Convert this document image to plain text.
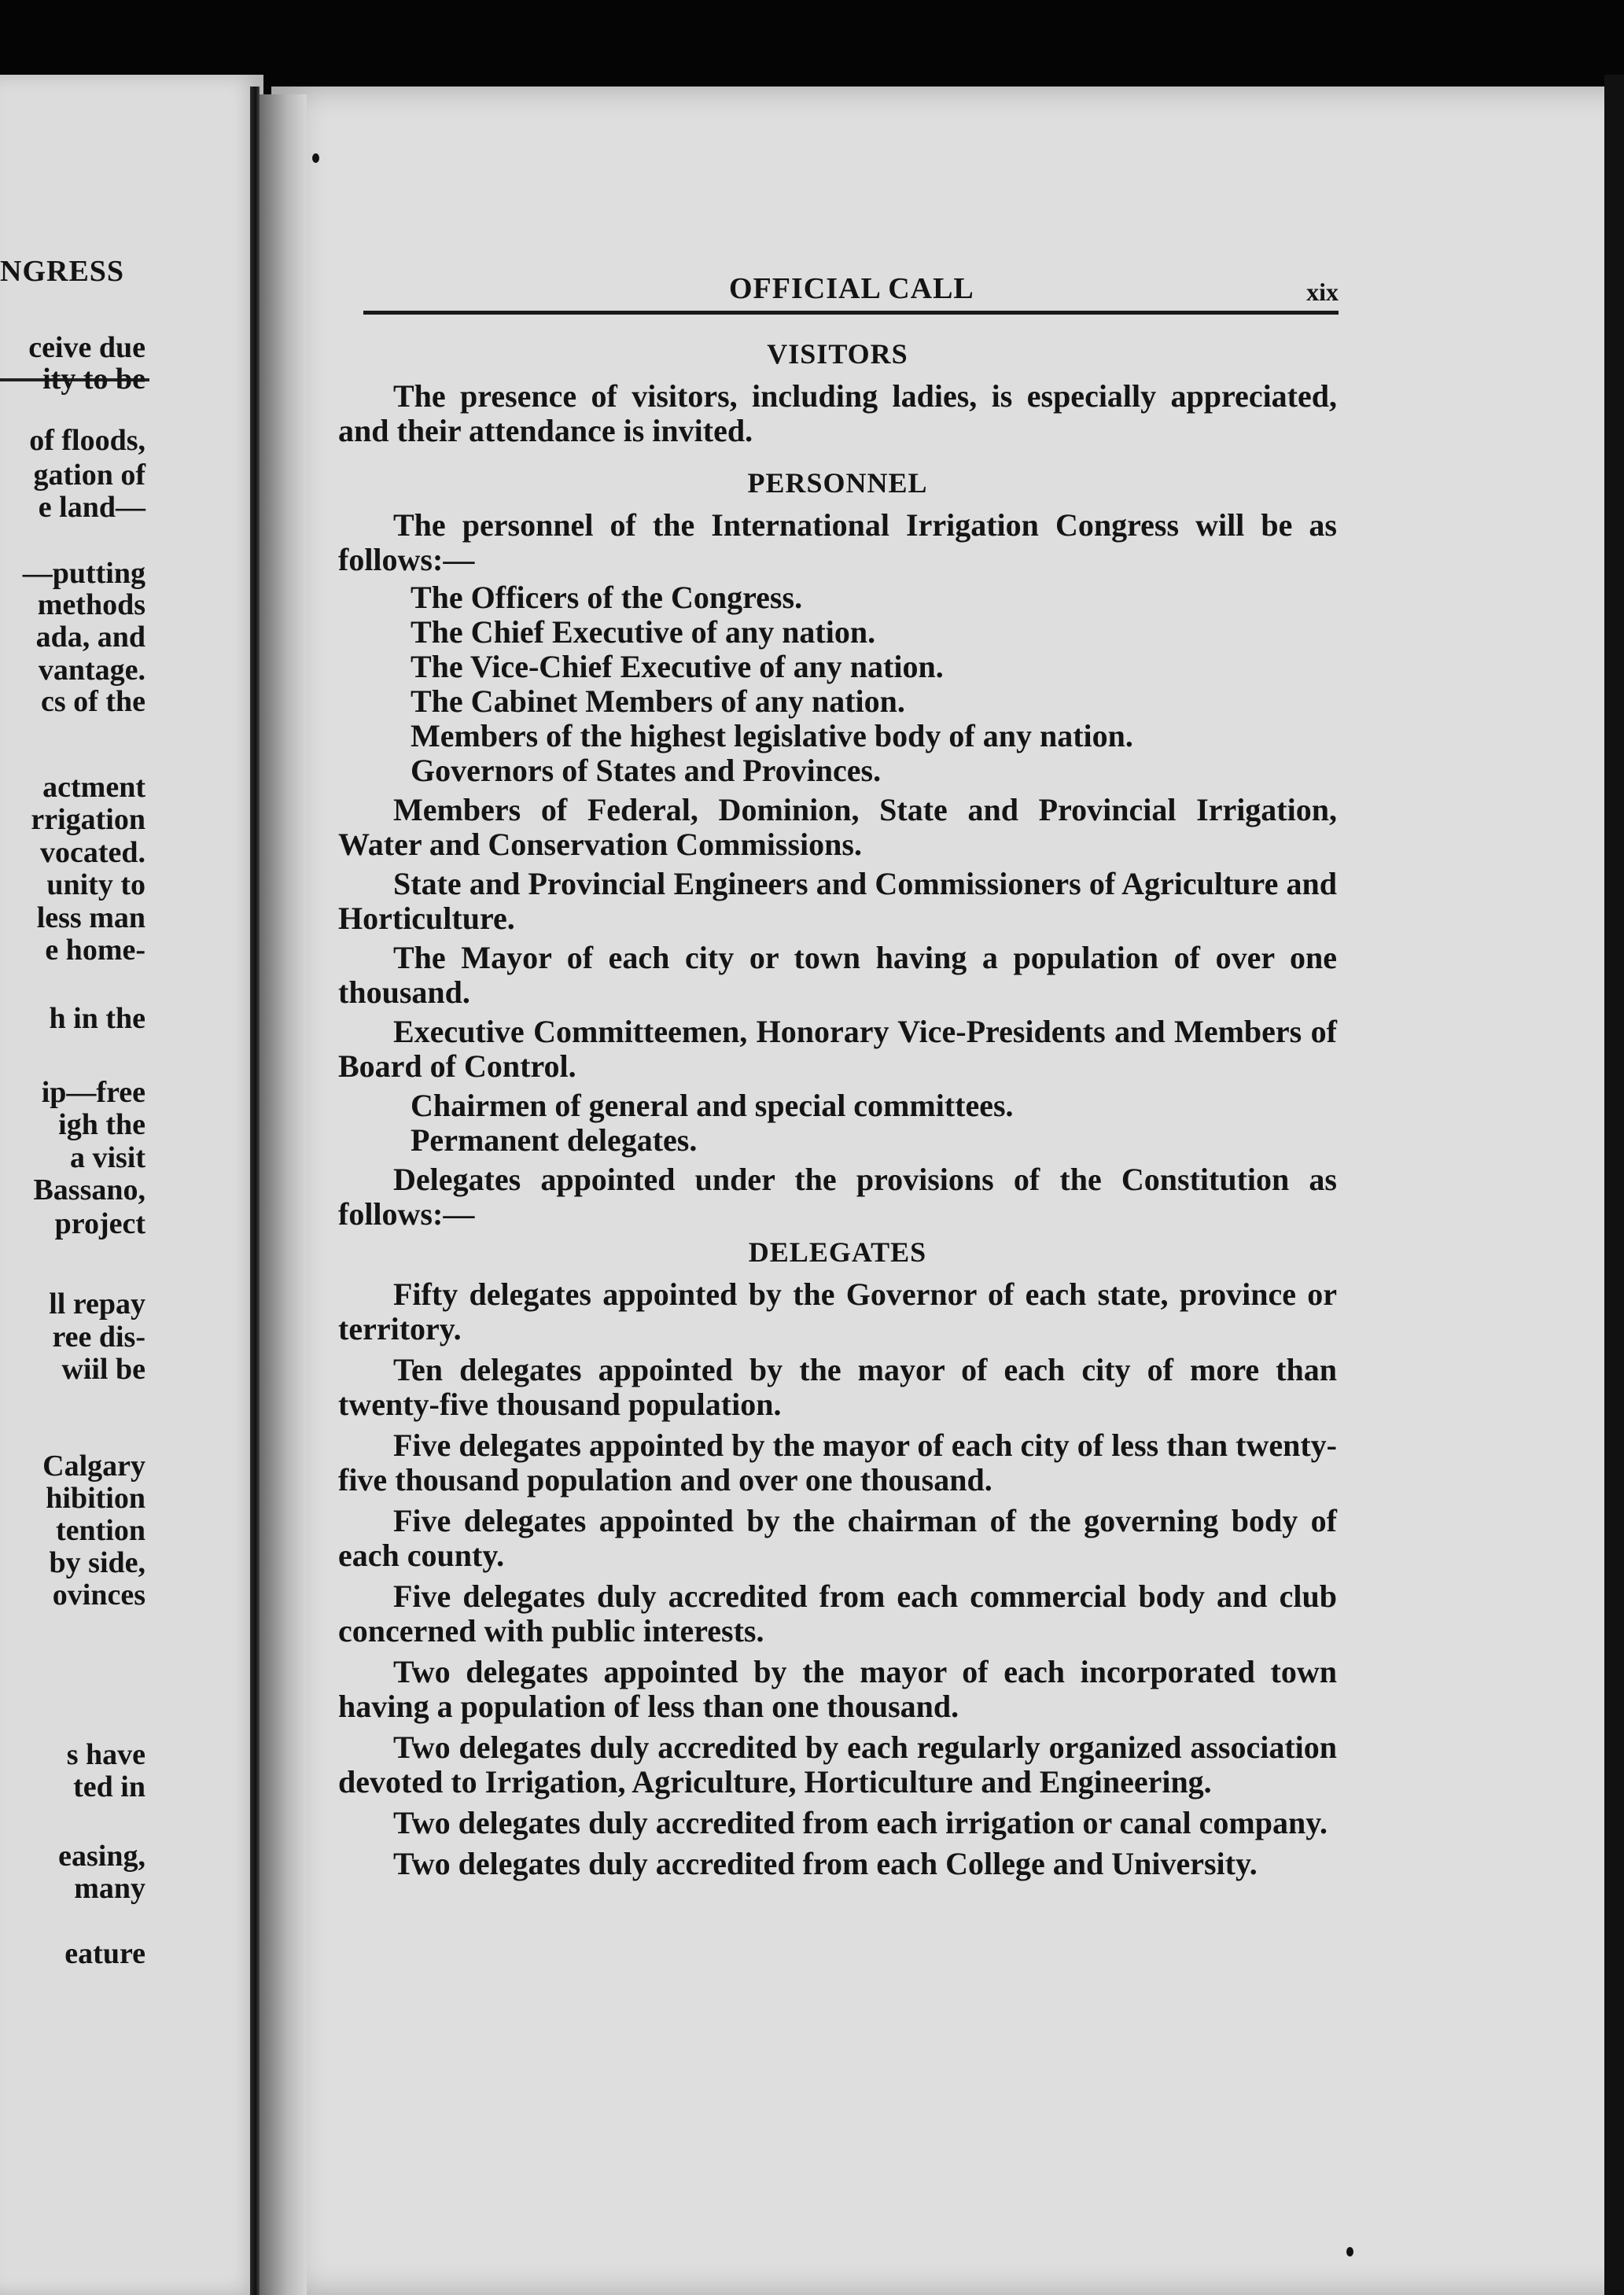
NGRESS
ceive due
ity to be
of floods,
gation of
e land—
—putting
methods
ada, and
vantage.
cs of the
actment
rrigation
vocated.
unity to
less man
e home-
h in the
ip—free
igh the
a visit
Bassano,
project
ll repay
ree dis-
wiil be
Calgary
hibition
tention
by side,
ovinces
s have
ted in
easing,
many
eature
OFFICIAL CALL	xix
VISITORS

The presence of visitors, including ladies, is especially appreciated, and their attendance is invited.

PERSONNEL

The personnel of the International Irrigation Congress will be as follows:—

The Officers of the Congress.

The Chief Executive of any nation.

The Vice-Chief Executive of any nation.

The Cabinet Members of any nation.

Members of the highest legislative body of any nation.

Governors of States and Provinces.

Members of Federal, Dominion, State and Provincial Irrigation, Water and Conservation Commissions.

State and Provincial Engineers and Commissioners of Agriculture and Horticulture.

The Mayor of each city or town having a population of over one thousand.

Executive Committeemen, Honorary Vice-Presidents and Members of Board of Control.

Chairmen of general and special committees.

Permanent delegates.

Delegates appointed under the provisions of the Constitution as follows:—

DELEGATES

Fifty delegates appointed by the Governor of each state, province or territory.

Ten delegates appointed by the mayor of each city of more than twenty-five thousand population.

Five delegates appointed by the mayor of each city of less than twenty-five thousand population and over one thousand.

Five delegates appointed by the chairman of the governing body of each county.

Five delegates duly accredited from each commercial body and club concerned with public interests.

Two delegates appointed by the mayor of each incorporated town having a population of less than one thousand.

Two delegates duly accredited by each regularly organized association devoted to Irrigation, Agriculture, Horticulture and Engineering.

Two delegates duly accredited from each irrigation or canal company.

Two delegates duly accredited from each College and University.
